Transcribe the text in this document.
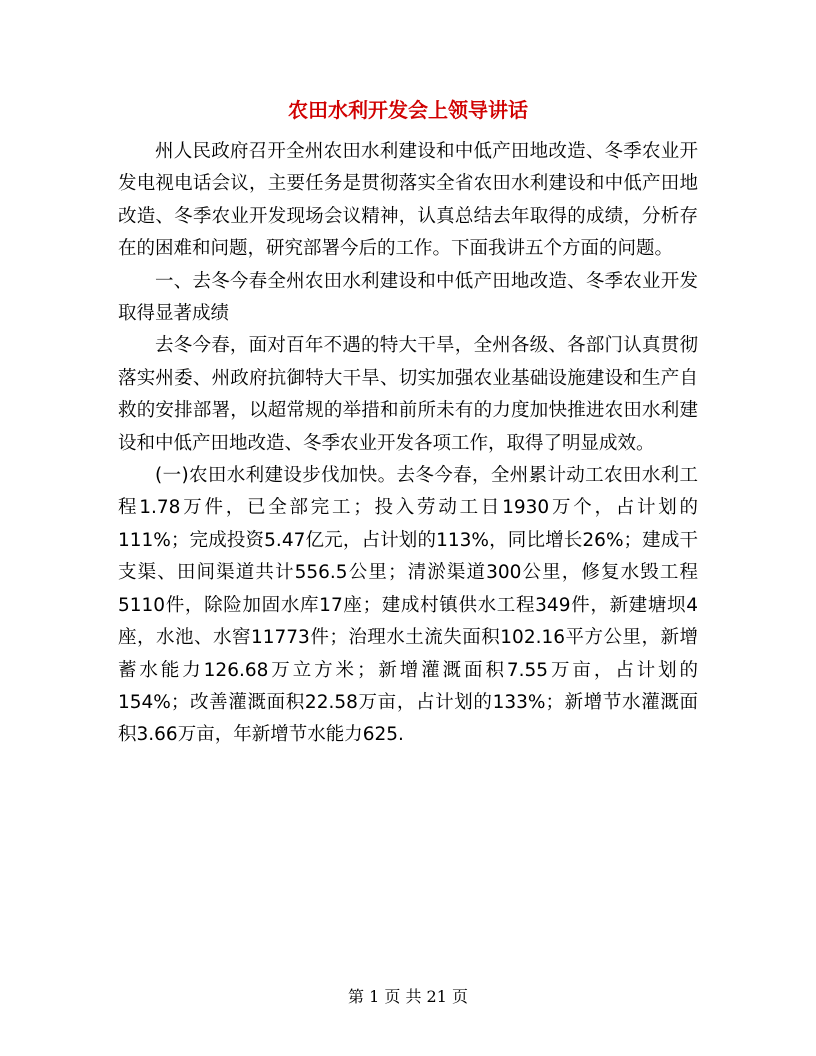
农田水利开发会上领导讲话

州人民政府召开全州农田水利建设和中低产田地改造、冬季农业开发电视电话会议，主要任务是贯彻落实全省农田水利建设和中低产田地改造、冬季农业开发现场会议精神，认真总结去年取得的成绩，分析存在的困难和问题，研究部署今后的工作。下面我讲五个方面的问题。

一、去冬今春全州农田水利建设和中低产田地改造、冬季农业开发取得显著成绩

去冬今春，面对百年不遇的特大干旱，全州各级、各部门认真贯彻落实州委、州政府抗御特大干旱、切实加强农业基础设施建设和生产自救的安排部署，以超常规的举措和前所未有的力度加快推进农田水利建设和中低产田地改造、冬季农业开发各项工作，取得了明显成效。

(一)农田水利建设步伐加快。去冬今春，全州累计动工农田水利工程1.78万件，已全部完工；投入劳动工日1930万个，占计划的111%；完成投资5.47亿元，占计划的113%，同比增长26%；建成干支渠、田间渠道共计556.5公里；清淤渠道300公里，修复水毁工程5110件，除险加固水库17座；建成村镇供水工程349件，新建塘坝4座，水池、水窖11773件；治理水土流失面积102.16平方公里，新增蓄水能力126.68万立方米；新增灌溉面积7.55万亩，占计划的154%；改善灌溉面积22.58万亩，占计划的133%；新增节水灌溉面积3.66万亩，年新增节水能力625.

第 1 页 共 21 页
